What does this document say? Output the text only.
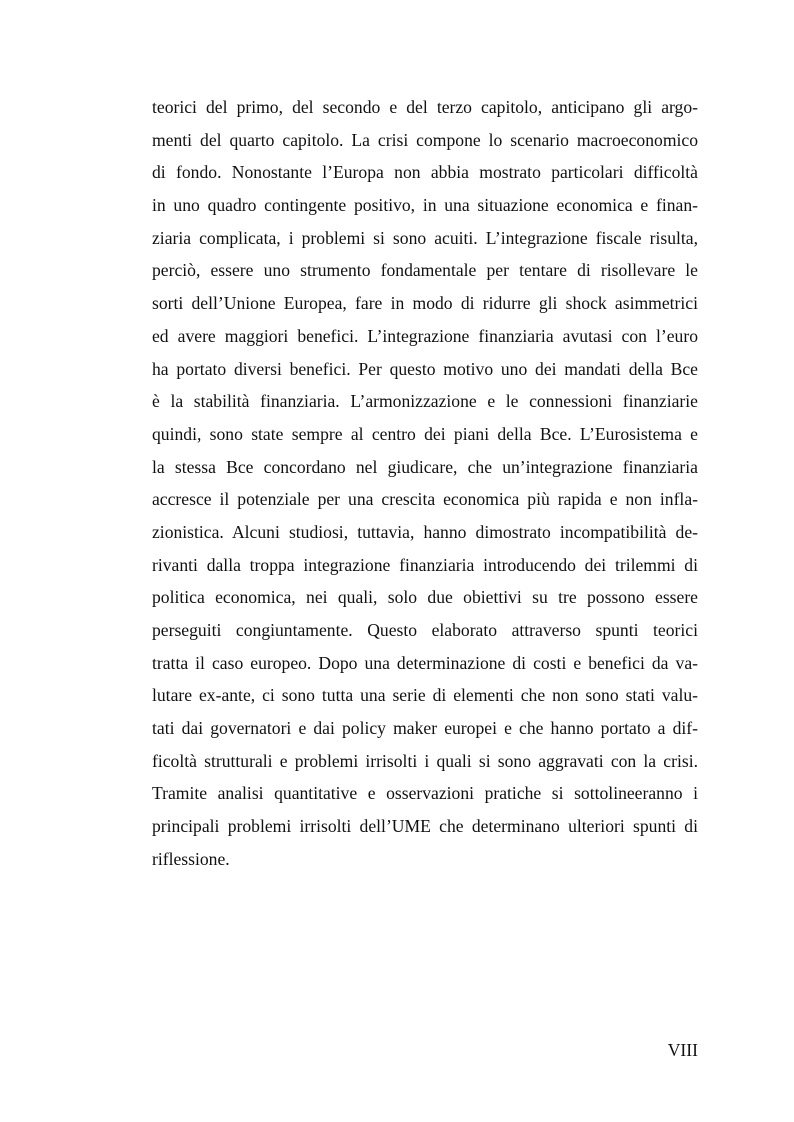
teorici del primo, del secondo e del terzo capitolo, anticipano gli argo-
menti del quarto capitolo. La crisi compone lo scenario macroeconomico
di fondo. Nonostante l’Europa non abbia mostrato particolari difficoltà
in uno quadro contingente positivo, in una situazione economica e finan-
ziaria complicata, i problemi si sono acuiti. L’integrazione fiscale risulta,
perciò, essere uno strumento fondamentale per tentare di risollevare le
sorti dell’Unione Europea, fare in modo di ridurre gli shock asimmetrici
ed avere maggiori benefici. L’integrazione finanziaria avutasi con l’euro
ha portato diversi benefici. Per questo motivo uno dei mandati della Bce
è la stabilità finanziaria. L’armonizzazione e le connessioni finanziarie
quindi, sono state sempre al centro dei piani della Bce. L’Eurosistema e
la stessa Bce concordano nel giudicare, che un’integrazione finanziaria
accresce il potenziale per una crescita economica più rapida e non infla-
zionistica. Alcuni studiosi, tuttavia, hanno dimostrato incompatibilità de-
rivanti dalla troppa integrazione finanziaria introducendo dei trilemmi di
politica economica, nei quali, solo due obiettivi su tre possono essere
perseguiti congiuntamente. Questo elaborato attraverso spunti teorici
tratta il caso europeo. Dopo una determinazione di costi e benefici da va-
lutare ex-ante, ci sono tutta una serie di elementi che non sono stati valu-
tati dai governatori e dai policy maker europei e che hanno portato a dif-
ficoltà strutturali e problemi irrisolti i quali si sono aggravati con la crisi.
Tramite analisi quantitative e osservazioni pratiche si sottolineeranno i
principali problemi irrisolti dell’UME che determinano ulteriori spunti di
riflessione.
VIII
